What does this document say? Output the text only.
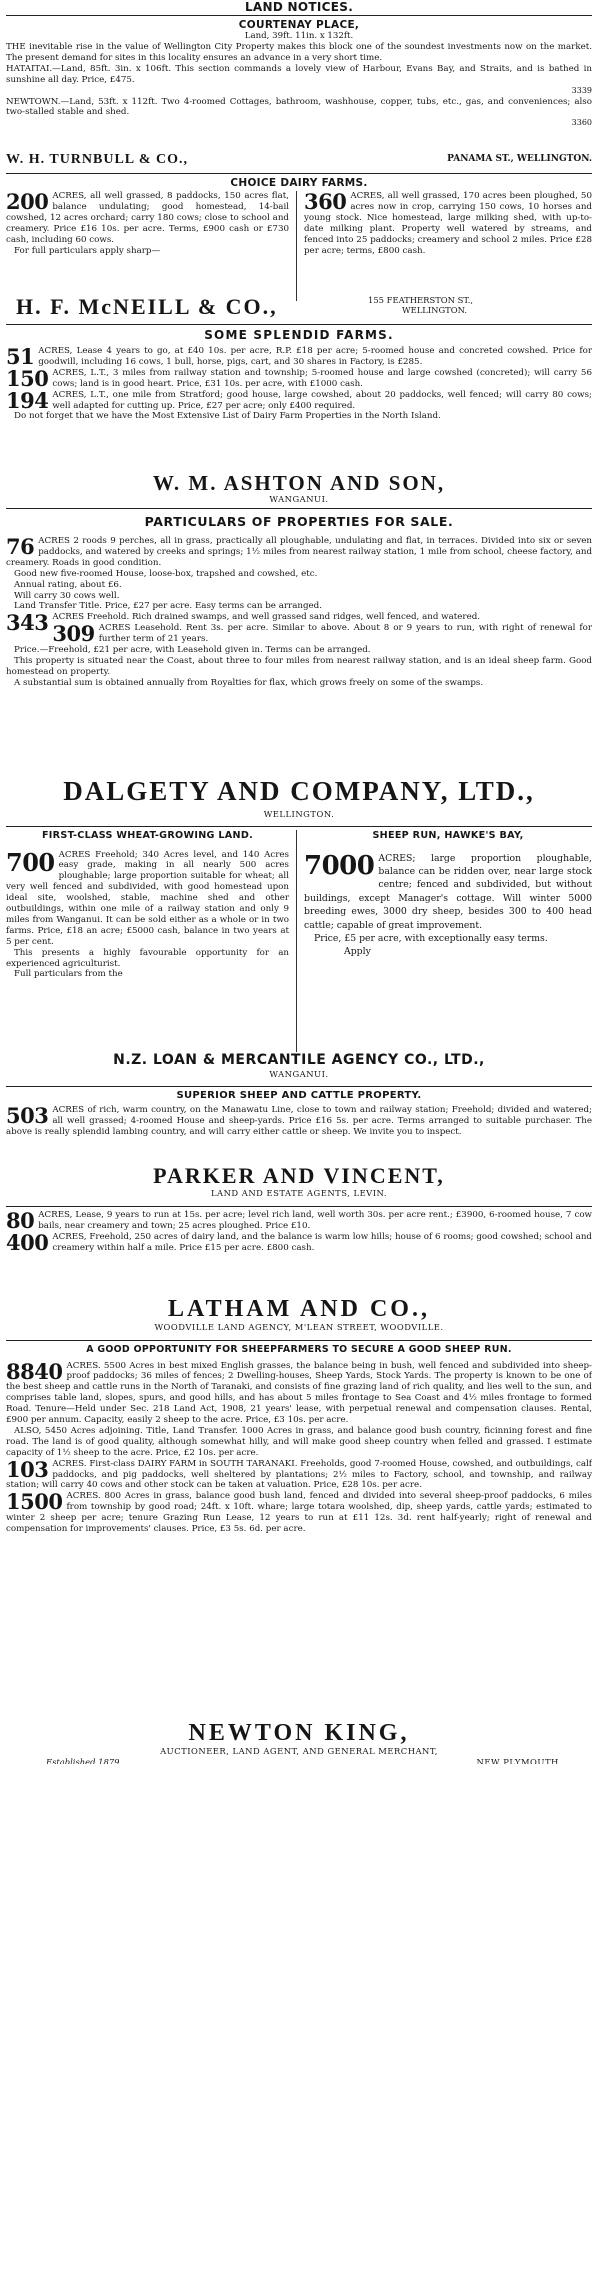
LAND NOTICES.
COURTENAY PLACE,
Land, 39ft. 11in. x 132ft.

THE inevitable rise in the value of Wellington City Property makes this block one of the soundest investments now on the market. The present demand for sites in this locality ensures an advance in a very short time.

HATAITAI.—Land, 85ft. 3in. x 106ft. This section commands a lovely view of Harbour, Evans Bay, and Straits, and is bathed in sunshine all day. Price, £475.

3339

NEWTOWN.—Land, 53ft. x 112ft. Two 4-roomed Cottages, bathroom, washhouse, copper, tubs, etc., gas, and conveniences; also two-stalled stable and shed.

3360
W. H. TURNBULL & CO.,	PANAMA ST., WELLINGTON.
CHOICE DAIRY FARMS.

200 ACRES, all well grassed, 8 paddocks, 150 acres flat, balance undulating; good homestead, 14-bail cowshed, 12 acres orchard; carry 180 cows; close to school and creamery. Price £16 10s. per acre. Terms, £900 cash or £730 cash, including 60 cows.

For full particulars apply sharp—

360 ACRES, all well grassed, 170 acres been ploughed, 50 acres now in crop, carrying 150 cows, 10 horses and young stock. Nice homestead, large milking shed, with up-to-date milking plant. Property well watered by streams, and fenced into 25 paddocks; creamery and school 2 miles. Price £28 per acre; terms, £800 cash.

H. F. McNEILL & CO.,	155 FEATHERSTON ST.,
WELLINGTON.
SOME SPLENDID FARMS.

51 ACRES, Lease 4 years to go, at £40 10s. per acre, R.P. £18 per acre; 5-roomed house and concreted cowshed. Price for goodwill, including 16 cows, 1 bull, horse, pigs, cart, and 30 shares in Factory, is £285.

150 ACRES, L.T., 3 miles from railway station and township; 5-roomed house and large cowshed (concreted); will carry 56 cows; land is in good heart. Price, £31 10s. per acre, with £1000 cash.

194 ACRES, L.T., one mile from Stratford; good house, large cowshed, about 20 paddocks, well fenced; will carry 80 cows; well adapted for cutting up. Price, £27 per acre; only £400 required.

Do not forget that we have the Most Extensive List of Dairy Farm Properties in the North Island.

W. M. ASHTON AND SON,
WANGANUI.
PARTICULARS OF PROPERTIES FOR SALE.

76 ACRES 2 roods 9 perches, all in grass, practically all ploughable, undulating and flat, in terraces. Divided into six or seven paddocks, and watered by creeks and springs; 1½ miles from nearest railway station, 1 mile from school, cheese factory, and creamery. Roads in good condition.

Good new five-roomed House, loose-box, trapshed and cowshed, etc.

Annual rating, about £6.

Will carry 30 cows well.

Land Transfer Title. Price, £27 per acre. Easy terms can be arranged.

343 ACRES Freehold. Rich drained swamps, and well grassed sand ridges, well fenced, and watered.

309 ACRES Leasehold. Rent 3s. per acre. Similar to above. About 8 or 9 years to run, with right of renewal for further term of 21 years.

Price.—Freehold, £21 per acre, with Leasehold given in. Terms can be arranged.

This property is situated near the Coast, about three to four miles from nearest railway station, and is an ideal sheep farm. Good homestead on property.

A substantial sum is obtained annually from Royalties for flax, which grows freely on some of the swamps.

DALGETY AND COMPANY, LTD.,
WELLINGTON.
FIRST-CLASS WHEAT-GROWING LAND.

700 ACRES Freehold; 340 Acres level, and 140 Acres easy grade, making in all nearly 500 acres ploughable; large proportion suitable for wheat; all very well fenced and subdivided, with good homestead upon ideal site, woolshed, stable, machine shed and other outbuildings, within one mile of a railway station and only 9 miles from Wanganui. It can be sold either as a whole or in two farms. Price, £18 an acre; £5000 cash, balance in two years at 5 per cent.

This presents a highly favourable opportunity for an experienced agriculturist.

Full particulars from the

SHEEP RUN, HAWKE'S BAY,

7000 ACRES; large proportion ploughable, balance can be ridden over, near large stock centre; fenced and subdivided, but without buildings, except Manager's cottage. Will winter 5000 breeding ewes, 3000 dry sheep, besides 300 to 400 head cattle; capable of great improvement.

Price, £5 per acre, with exceptionally easy terms.

Apply

N.Z. LOAN & MERCANTILE AGENCY CO., LTD.,
WANGANUI.
SUPERIOR SHEEP AND CATTLE PROPERTY.

503 ACRES of rich, warm country, on the Manawatu Line, close to town and railway station; Freehold; divided and watered; all well grassed; 4-roomed House and sheep-yards. Price £16 5s. per acre. Terms arranged to suitable purchaser. The above is really splendid lambing country, and will carry either cattle or sheep. We invite you to inspect.

PARKER AND VINCENT,
LAND AND ESTATE AGENTS, LEVIN.

80 ACRES, Lease, 9 years to run at 15s. per acre; level rich land, well worth 30s. per acre rent.; £3900, 6-roomed house, 7 cow bails, near creamery and town; 25 acres ploughed. Price £10.

400 ACRES, Freehold, 250 acres of dairy land, and the balance is warm low hills; house of 6 rooms; good cowshed; school and creamery within half a mile. Price £15 per acre. £800 cash.

LATHAM AND CO.,
WOODVILLE LAND AGENCY, M'LEAN STREET, WOODVILLE.
A GOOD OPPORTUNITY FOR SHEEPFARMERS TO SECURE A GOOD SHEEP RUN.

8840 ACRES. 5500 Acres in best mixed English grasses, the balance being in bush, well fenced and subdivided into sheep-proof paddocks; 36 miles of fences; 2 Dwelling-houses, Sheep Yards, Stock Yards. The property is known to be one of the best sheep and cattle runs in the North of Taranaki, and consists of fine grazing land of rich quality, and lies well to the sun, and comprises table land, slopes, spurs, and good hills, and has about 5 miles frontage to Sea Coast and 4½ miles frontage to formed Road. Tenure—Held under Sec. 218 Land Act, 1908, 21 years' lease, with perpetual renewal and compensation clauses. Rental, £900 per annum. Capacity, easily 2 sheep to the acre. Price, £3 10s. per acre.

ALSO, 5450 Acres adjoining. Title, Land Transfer. 1000 Acres in grass, and balance good bush country, ficinning forest and fine road. The land is of good quality, although somewhat hilly, and will make good sheep country when felled and grassed. I estimate capacity of 1½ sheep to the acre. Price, £2 10s. per acre.

103 ACRES. First-class DAIRY FARM in SOUTH TARANAKI. Freeholds, good 7-roomed House, cowshed, and outbuildings, calf paddocks, and pig paddocks, well sheltered by plantations; 2½ miles to Factory, school, and township, and railway station; will carry 40 cows and other stock can be taken at valuation. Price, £28 10s. per acre.

1500 ACRES. 800 Acres in grass, balance good bush land, fenced and divided into several sheep-proof paddocks, 6 miles from township by good road; 24ft. x 10ft. whare; large totara woolshed, dip, sheep yards, cattle yards; estimated to winter 2 sheep per acre; tenure Grazing Run Lease, 12 years to run at £11 12s. 3d. rent half-yearly; right of renewal and compensation for improvements' clauses. Price, £3 5s. 6d. per acre.

NEWTON KING,
AUCTIONEER, LAND AGENT, AND GENERAL MERCHANT,
Established 1879.	NEW PLYMOUTH.
